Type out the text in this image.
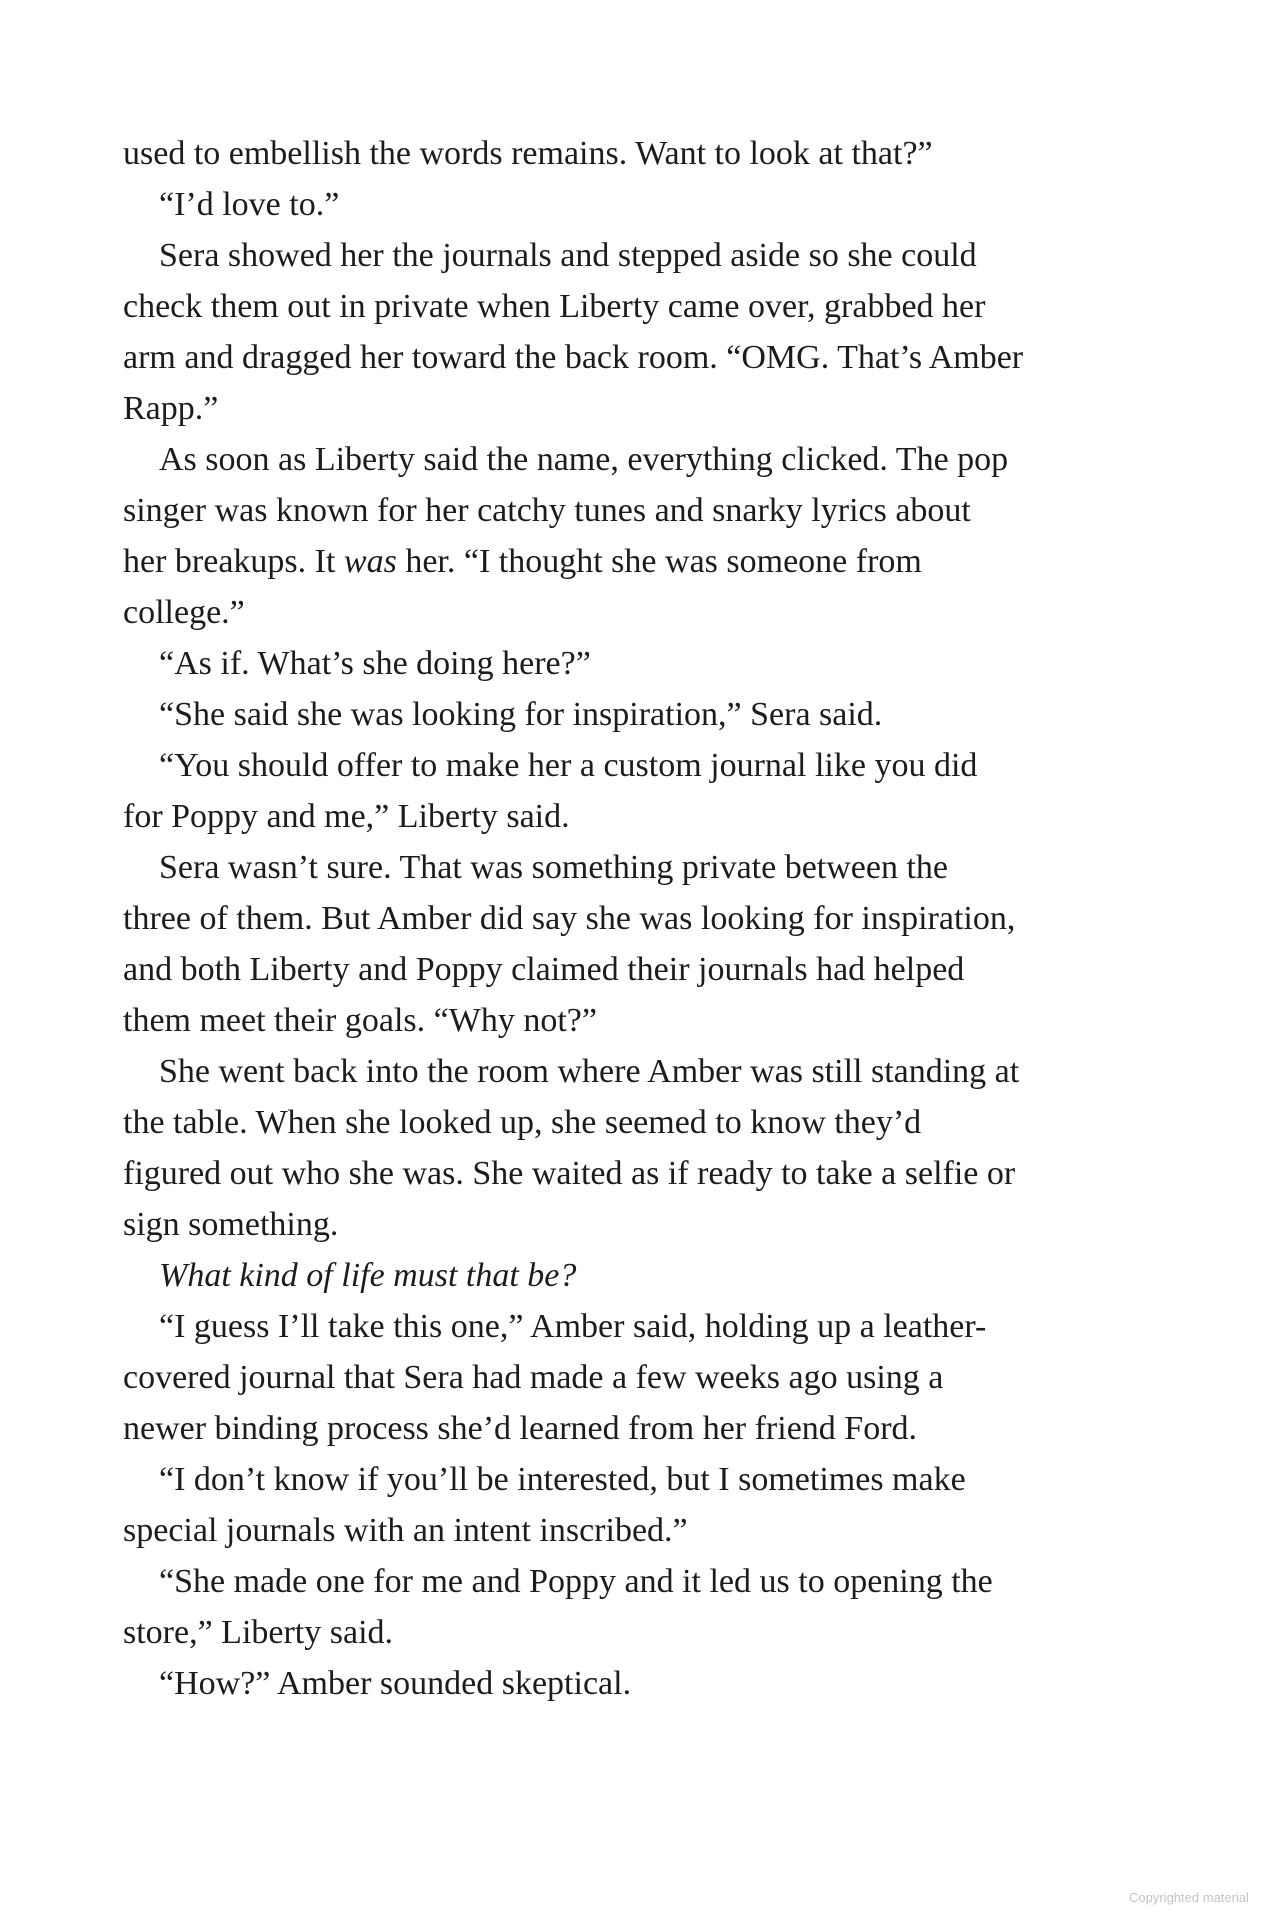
used to embellish the words remains. Want to look at that?”
“I’d love to.”
Sera showed her the journals and stepped aside so she could
check them out in private when Liberty came over, grabbed her
arm and dragged her toward the back room. “OMG. That’s Amber
Rapp.”
As soon as Liberty said the name, everything clicked. The pop
singer was known for her catchy tunes and snarky lyrics about
her breakups. It was her. “I thought she was someone from
college.”
“As if. What’s she doing here?”
“She said she was looking for inspiration,” Sera said.
“You should offer to make her a custom journal like you did
for Poppy and me,” Liberty said.
Sera wasn’t sure. That was something private between the
three of them. But Amber did say she was looking for inspiration,
and both Liberty and Poppy claimed their journals had helped
them meet their goals. “Why not?”
She went back into the room where Amber was still standing at
the table. When she looked up, she seemed to know they’d
figured out who she was. She waited as if ready to take a selfie or
sign something.
What kind of life must that be?
“I guess I’ll take this one,” Amber said, holding up a leather-
covered journal that Sera had made a few weeks ago using a
newer binding process she’d learned from her friend Ford.
“I don’t know if you’ll be interested, but I sometimes make
special journals with an intent inscribed.”
“She made one for me and Poppy and it led us to opening the
store,” Liberty said.
“How?” Amber sounded skeptical.
Copyrighted material
